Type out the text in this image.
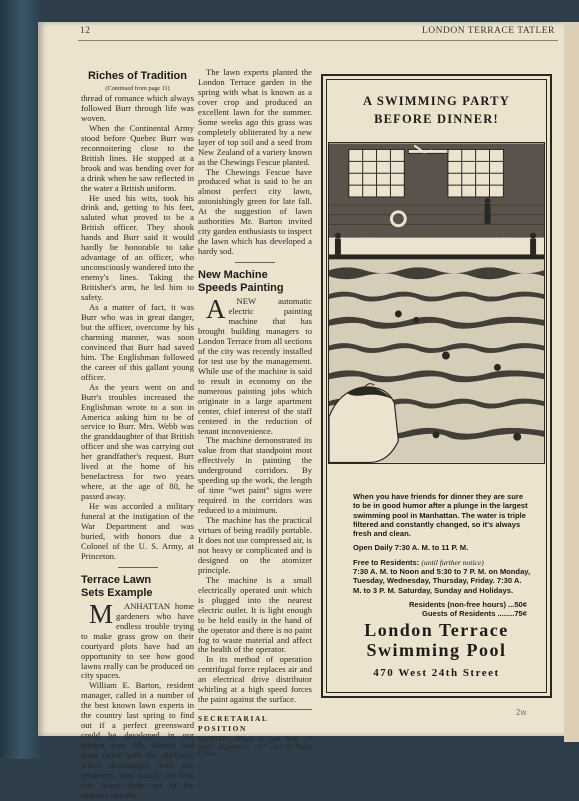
12	LONDON TERRACE TATLER
Riches of Tradition
(Continued from page 11)

thread of romance which always followed Burr through life was woven.

When the Continental Army stood before Quebec Burr was reconnoitering close to the British lines. He stopped at a brook and was bending over for a drink when he saw reflected in the water a British uniform.

He used his wits, took his drink and, getting to his feet, saluted what proved to be a British officer. They shook hands and Burr said it would hardly be honorable to take advantage of an officer, who unconsciously wandered into the enemy's lines. Taking the Britisher's arm, he led him to safety.

As a matter of fact, it was Burr who was in great danger, but the officer, overcome by his charming manner, was soon convinced that Burr had saved him. The Englishman followed the career of this gallant young officer.

As the years went on and Burr's troubles increased the Englishman wrote to a son in America asking him to be of service to Burr. Mrs. Webb was the granddaughter of that British officer and she was carrying out her grandfather's request. Burr lived at the home of his benefactress for two years where, at the age of 80, he passed away.

He was accorded a military funeral at the instigation of the War Department and was buried, with honors due a Colonel of the U. S. Army, at Princeton.

Terrace Lawn
Sets Example

M ANHATTAN home gardeners who have endless trouble trying to make grass grow on their courtyard plots have had an opportunity to see how good lawns really can be produced on city spaces.

William E. Barton, resident manager, called in a number of the best known lawn experts in the country last spring to find out if a perfect greensward could be developed in our garden acre. Mr. Barton had been faced with the difficulty which discourages most city gardeners, who usually see their city lawns fade out in the summer months.

The lawn experts planted the London Terrace garden in the spring with what is known as a cover crop and produced an excellent lawn for the summer. Some weeks ago this grass was completely obliterated by a new layer of top soil and a seed from New Zealand of a variety known as the Chewings Fescue planted.

The Chewings Fescue have produced what is said to be an almost perfect city lawn, astonishingly green for late fall. At the suggestion of lawn authorities Mr. Barton invited city garden enthusiasts to inspect the lawn which has developed a hardy sod.

New Machine
Speeds Painting

A NEW automatic electric painting machine that has brought building managers to London Terrace from all sections of the city was recently installed for test use by the management. While use of the machine is said to result in economy on the numerous painting jobs which originate in a large apartment center, chief interest of the staff centered in the reduction of tenant inconvenience.

The machine demonstrated its value from that standpoint most effectively in painting the underground corridors. By speeding up the work, the length of time “wet paint” signs were required in the corridors was reduced to a minimum.

The machine has the practical virtues of being readily portable. It does not use compressed air, is not heavy or complicated and is designed on the atomizer principle.

The machine is a small electrically operated unit which is plugged into the nearest electric outlet. It is light enough to be held easily in the hand of the operator and there is no paint fog to waste material and affect the health of the operator.

In its method of operation centrifugal force replaces air and an electrical drive distributor whirling at a high speed forces the paint against the surface.

SECRETARIAL POSITION
WANTED—Whole or part time. 15 years' experience. “Y,” care of Tatler Office.
A SWIMMING PARTY
BEFORE DINNER!
When you have friends for dinner they are sure to be in good humor after a plunge in the largest swimming pool in Manhattan. The water is triple filtered and constantly changed, so it's always fresh and clean.
Open Daily 7:30 A. M. to 11 P. M.
Free to Residents: (until further notice)
7:30 A. M. to Noon and 5:30 to 7 P. M. on Monday, Tuesday, Wednesday, Thursday, Friday. 7:30 A. M. to 3 P. M. Saturday, Sunday and Holidays.
Residents (non-free hours) ... 50¢
Guests of Residents ........ 75¢
London Terrace
Swimming Pool
470 West 24th Street
2w
